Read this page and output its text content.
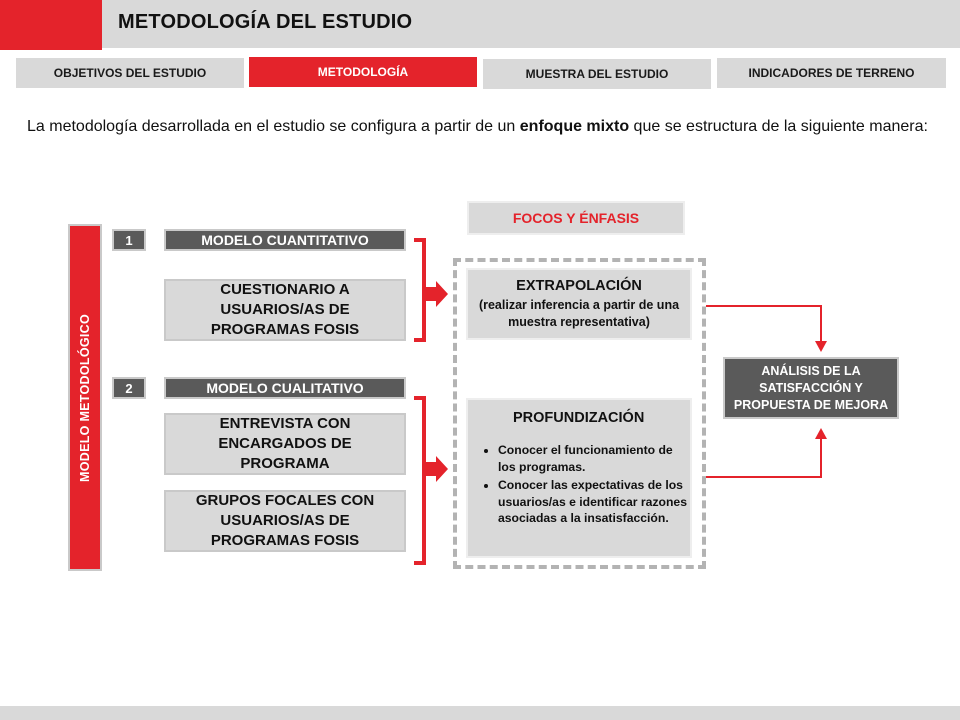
METODOLOGÍA DEL ESTUDIO
OBJETIVOS DEL ESTUDIO	METODOLOGÍA	MUESTRA DEL ESTUDIO	INDICADORES DE TERRENO
La metodología desarrollada en el estudio se configura a partir de un enfoque mixto que se estructura de la siguiente manera:
MODELO METODOLÓGICO
1	MODELO CUANTITATIVO
CUESTIONARIO A USUARIOS/AS DE PROGRAMAS FOSIS
2	MODELO CUALITATIVO
ENTREVISTA CON ENCARGADOS DE PROGRAMA
GRUPOS FOCALES CON USUARIOS/AS DE PROGRAMAS FOSIS
FOCOS Y ÉNFASIS
EXTRAPOLACIÓN
(realizar inferencia a partir de una muestra representativa)
PROFUNDIZACIÓN
• Conocer el funcionamiento de los programas.
• Conocer las expectativas de los usuarios/as e identificar razones asociadas a la insatisfacción.
ANÁLISIS DE LA SATISFACCIÓN Y PROPUESTA DE MEJORA
